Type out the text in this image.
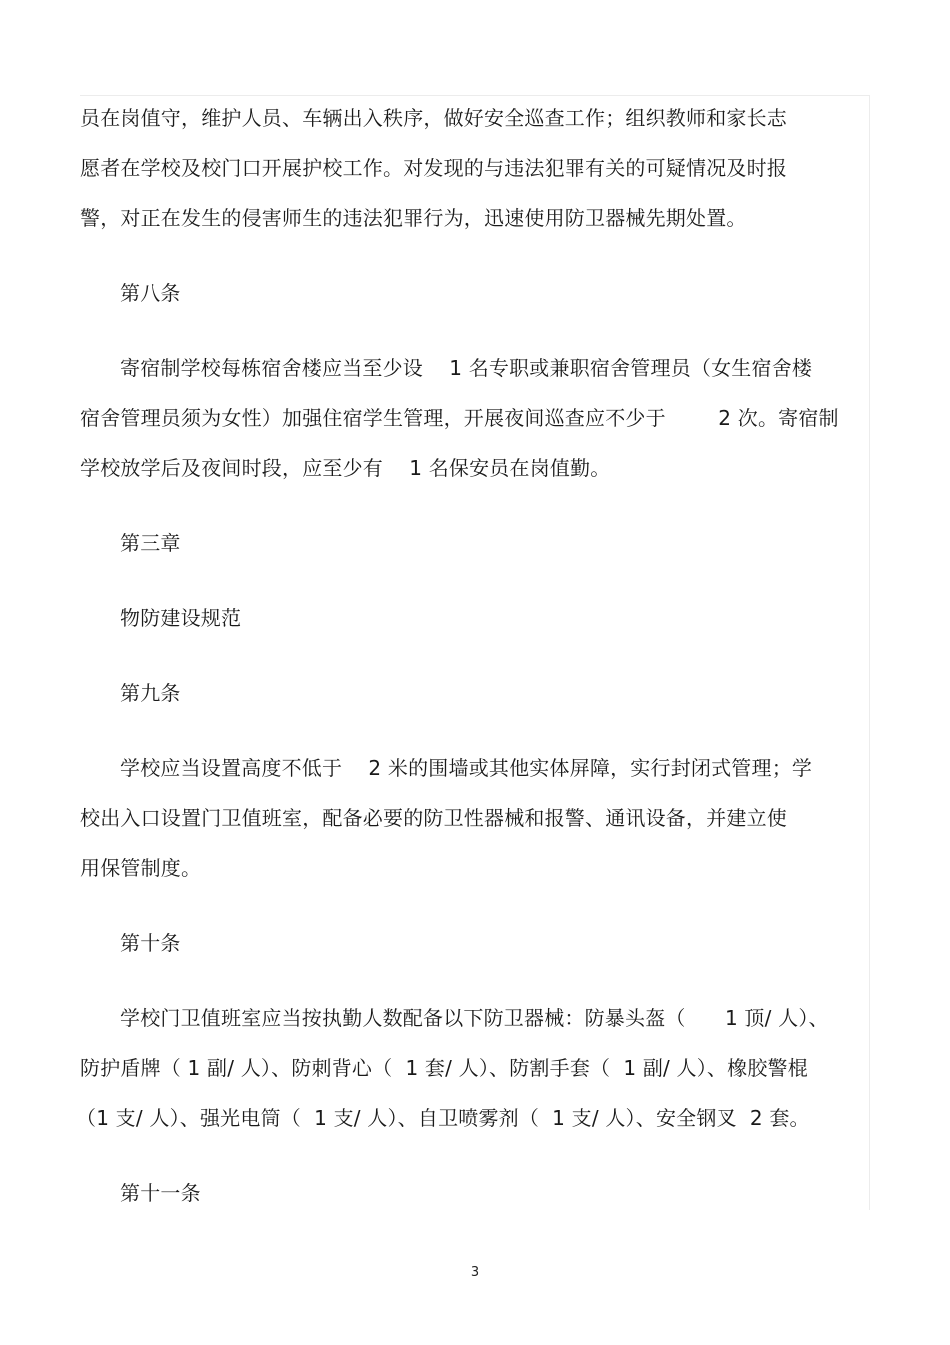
员在岗值守，维护人员、车辆出入秩序，做好安全巡查工作；组织教师和家长志
愿者在学校及校门口开展护校工作。对发现的与违法犯罪有关的可疑情况及时报
警，对正在发生的侵害师生的违法犯罪行为，迅速使用防卫器械先期处置。
第八条
寄宿制学校每栋宿舍楼应当至少设    1 名专职或兼职宿舍管理员（女生宿舍楼
宿舍管理员须为女性）加强住宿学生管理，开展夜间巡查应不少于        2 次。寄宿制
学校放学后及夜间时段，应至少有    1 名保安员在岗值勤。
第三章
物防建设规范
第九条
学校应当设置高度不低于    2 米的围墙或其他实体屏障，实行封闭式管理；学
校出入口设置门卫值班室，配备必要的防卫性器械和报警、通讯设备，并建立使
用保管制度。
第十条
学校门卫值班室应当按执勤人数配备以下防卫器械：防暴头盔（      1 顶/ 人）、
防护盾牌（ 1 副/ 人）、防刺背心（  1 套/ 人）、防割手套（  1 副/ 人）、橡胶警棍
（1 支/ 人）、强光电筒（  1 支/ 人）、自卫喷雾剂（  1 支/ 人）、安全钢叉  2 套。
第十一条
3
